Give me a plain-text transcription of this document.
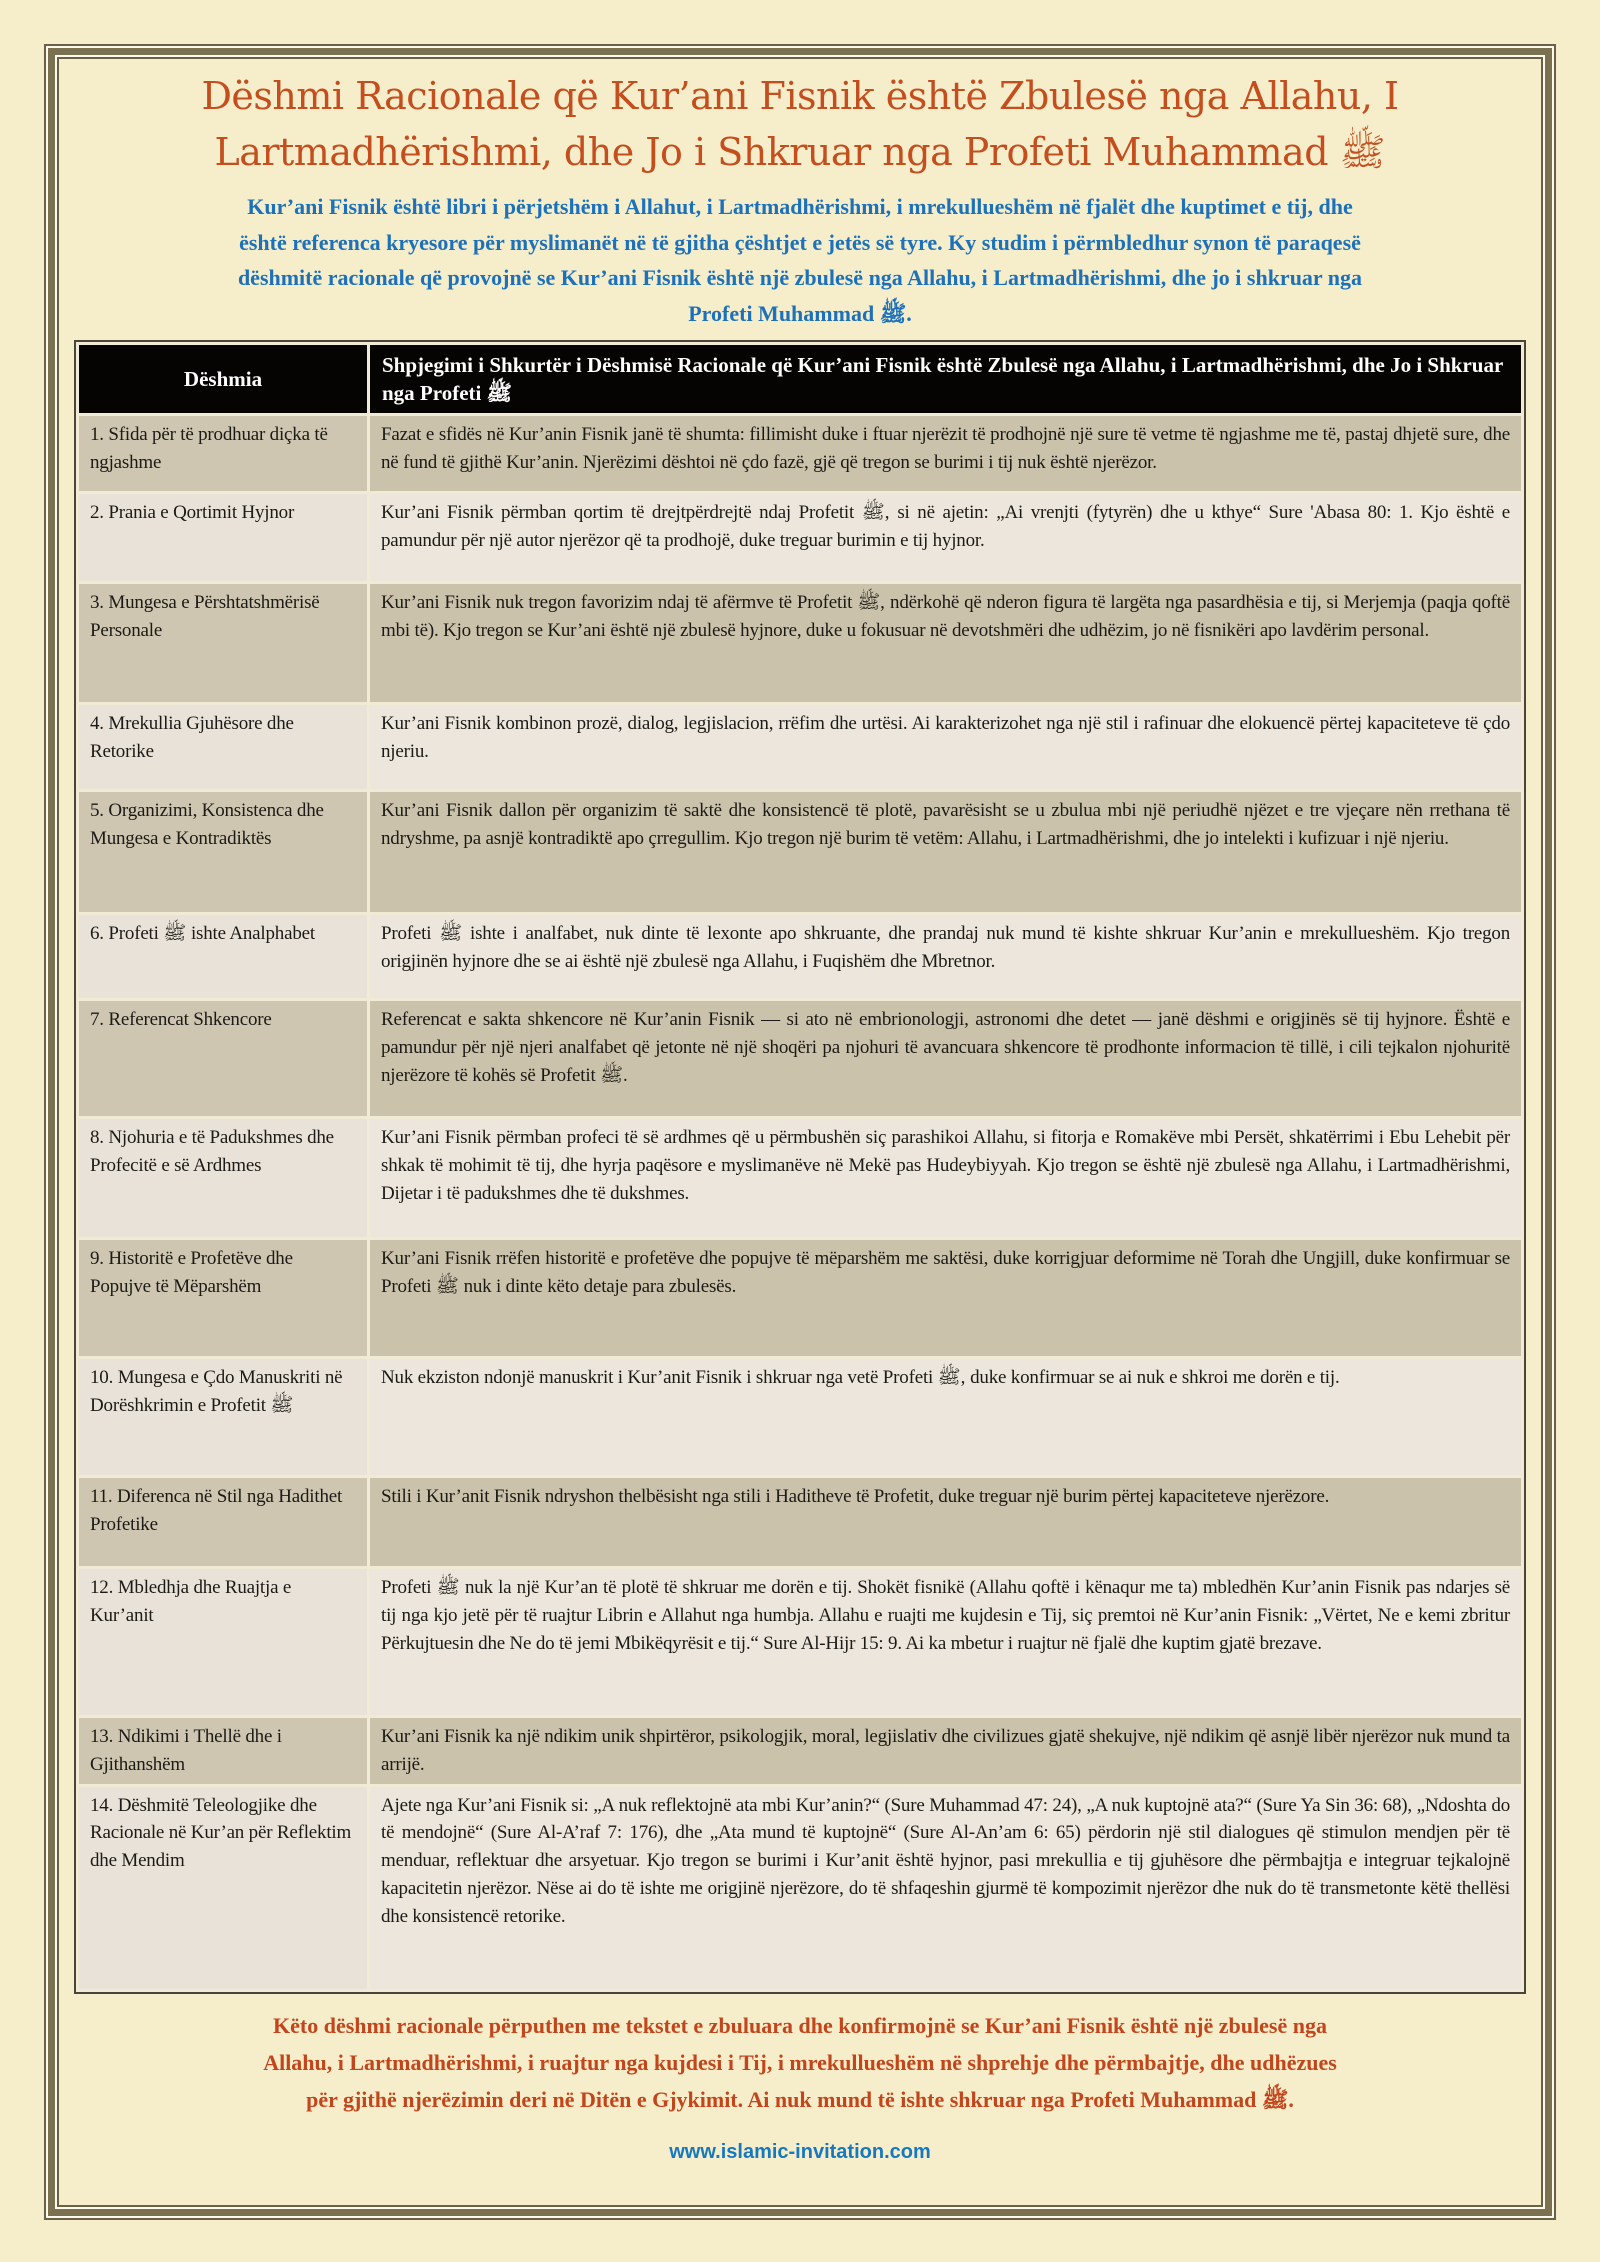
Dëshmi Racionale që Kur’ani Fisnik është Zbulesë nga Allahu, I
Lartmadhërishmi, dhe Jo i Shkruar nga Profeti Muhammad ﷺ
Kur’ani Fisnik është libri i përjetshëm i Allahut, i Lartmadhërishmi, i mrekullueshëm në fjalët dhe kuptimet e tij, dhe
është referenca kryesore për myslimanët në të gjitha çështjet e jetës së tyre. Ky studim i përmbledhur synon të paraqesë
dëshmitë racionale që provojnë se Kur’ani Fisnik është një zbulesë nga Allahu, i Lartmadhërishmi, dhe jo i shkruar nga
Profeti Muhammad ﷺ.
Dëshmia	Shpjegimi i Shkurtër i Dëshmisë Racionale që Kur’ani Fisnik është Zbulesë nga Allahu, i Lartmadhërishmi, dhe Jo i Shkruar nga Profeti ﷺ
1. Sfida për të prodhuar diçka të ngjashme	Fazat e sfidës në Kur’anin Fisnik janë të shumta: fillimisht duke i ftuar njerëzit të prodhojnë një sure të vetme të ngjashme me të, pastaj dhjetë sure, dhe në fund të gjithë Kur’anin. Njerëzimi dështoi në çdo fazë, gjë që tregon se burimi i tij nuk është njerëzor.
2. Prania e Qortimit Hyjnor	Kur’ani Fisnik përmban qortim të drejtpërdrejtë ndaj Profetit ﷺ, si në ajetin: „Ai vrenjti (fytyrën) dhe u kthye“ Sure 'Abasa 80: 1. Kjo është e pamundur për një autor njerëzor që ta prodhojë, duke treguar burimin e tij hyjnor.
3. Mungesa e Përshtatshmërisë Personale	Kur’ani Fisnik nuk tregon favorizim ndaj të afërmve të Profetit ﷺ, ndërkohë që nderon figura të largëta nga pasardhësia e tij, si Merjemja (paqja qoftë mbi të). Kjo tregon se Kur’ani është një zbulesë hyjnore, duke u fokusuar në devotshmëri dhe udhëzim, jo në fisnikëri apo lavdërim personal.
4. Mrekullia Gjuhësore dhe Retorike	Kur’ani Fisnik kombinon prozë, dialog, legjislacion, rrëfim dhe urtësi. Ai karakterizohet nga një stil i rafinuar dhe elokuencë përtej kapaciteteve të çdo njeriu.
5. Organizimi, Konsistenca dhe Mungesa e Kontradiktës	Kur’ani Fisnik dallon për organizim të saktë dhe konsistencë të plotë, pavarësisht se u zbulua mbi një periudhë njëzet e tre vjeçare nën rrethana të ndryshme, pa asnjë kontradiktë apo çrregullim. Kjo tregon një burim të vetëm: Allahu, i Lartmadhërishmi, dhe jo intelekti i kufizuar i një njeriu.
6. Profeti ﷺ ishte Analphabet	Profeti ﷺ ishte i analfabet, nuk dinte të lexonte apo shkruante, dhe prandaj nuk mund të kishte shkruar Kur’anin e mrekullueshëm. Kjo tregon origjinën hyjnore dhe se ai është një zbulesë nga Allahu, i Fuqishëm dhe Mbretnor.
7. Referencat Shkencore	Referencat e sakta shkencore në Kur’anin Fisnik — si ato në embrionologji, astronomi dhe detet — janë dëshmi e origjinës së tij hyjnore. Është e pamundur për një njeri analfabet që jetonte në një shoqëri pa njohuri të avancuara shkencore të prodhonte informacion të tillë, i cili tejkalon njohuritë njerëzore të kohës së Profetit ﷺ.
8. Njohuria e të Padukshmes dhe Profecitë e së Ardhmes	Kur’ani Fisnik përmban profeci të së ardhmes që u përmbushën siç parashikoi Allahu, si fitorja e Romakëve mbi Persët, shkatërrimi i Ebu Lehebit për shkak të mohimit të tij, dhe hyrja paqësore e myslimanëve në Mekë pas Hudeybiyyah. Kjo tregon se është një zbulesë nga Allahu, i Lartmadhërishmi, Dijetar i të padukshmes dhe të dukshmes.
9. Historitë e Profetëve dhe Popujve të Mëparshëm	Kur’ani Fisnik rrëfen historitë e profetëve dhe popujve të mëparshëm me saktësi, duke korrigjuar deformime në Torah dhe Ungjill, duke konfirmuar se Profeti ﷺ nuk i dinte këto detaje para zbulesës.
10. Mungesa e Çdo Manuskriti në Dorëshkrimin e Profetit ﷺ	Nuk ekziston ndonjë manuskrit i Kur’anit Fisnik i shkruar nga vetë Profeti ﷺ, duke konfirmuar se ai nuk e shkroi me dorën e tij.
11. Diferenca në Stil nga Hadithet Profetike	Stili i Kur’anit Fisnik ndryshon thelbësisht nga stili i Haditheve të Profetit, duke treguar një burim përtej kapaciteteve njerëzore.
12. Mbledhja dhe Ruajtja e Kur’anit	Profeti ﷺ nuk la një Kur’an të plotë të shkruar me dorën e tij. Shokët fisnikë (Allahu qoftë i kënaqur me ta) mbledhën Kur’anin Fisnik pas ndarjes së tij nga kjo jetë për të ruajtur Librin e Allahut nga humbja. Allahu e ruajti me kujdesin e Tij, siç premtoi në Kur’anin Fisnik: „Vërtet, Ne e kemi zbritur Përkujtuesin dhe Ne do të jemi Mbikëqyrësit e tij.“ Sure Al-Hijr 15: 9. Ai ka mbetur i ruajtur në fjalë dhe kuptim gjatë brezave.
13. Ndikimi i Thellë dhe i Gjithanshëm	Kur’ani Fisnik ka një ndikim unik shpirtëror, psikologjik, moral, legjislativ dhe civilizues gjatë shekujve, një ndikim që asnjë libër njerëzor nuk mund ta arrijë.
14. Dëshmitë Teleologjike dhe Racionale në Kur’an për Reflektim dhe Mendim	Ajete nga Kur’ani Fisnik si: „A nuk reflektojnë ata mbi Kur’anin?“ (Sure Muhammad 47: 24), „A nuk kuptojnë ata?“ (Sure Ya Sin 36: 68), „Ndoshta do të mendojnë“ (Sure Al-A’raf 7: 176), dhe „Ata mund të kuptojnë“ (Sure Al-An’am 6: 65) përdorin një stil dialogues që stimulon mendjen për të menduar, reflektuar dhe arsyetuar. Kjo tregon se burimi i Kur’anit është hyjnor, pasi mrekullia e tij gjuhësore dhe përmbajtja e integruar tejkalojnë kapacitetin njerëzor. Nëse ai do të ishte me origjinë njerëzore, do të shfaqeshin gjurmë të kompozimit njerëzor dhe nuk do të transmetonte këtë thellësi dhe konsistencë retorike.
Këto dëshmi racionale përputhen me tekstet e zbuluara dhe konfirmojnë se Kur’ani Fisnik është një zbulesë nga
Allahu, i Lartmadhërishmi, i ruajtur nga kujdesi i Tij, i mrekullueshëm në shprehje dhe përmbajtje, dhe udhëzues
për gjithë njerëzimin deri në Ditën e Gjykimit. Ai nuk mund të ishte shkruar nga Profeti Muhammad ﷺ.
www.islamic-invitation.com
